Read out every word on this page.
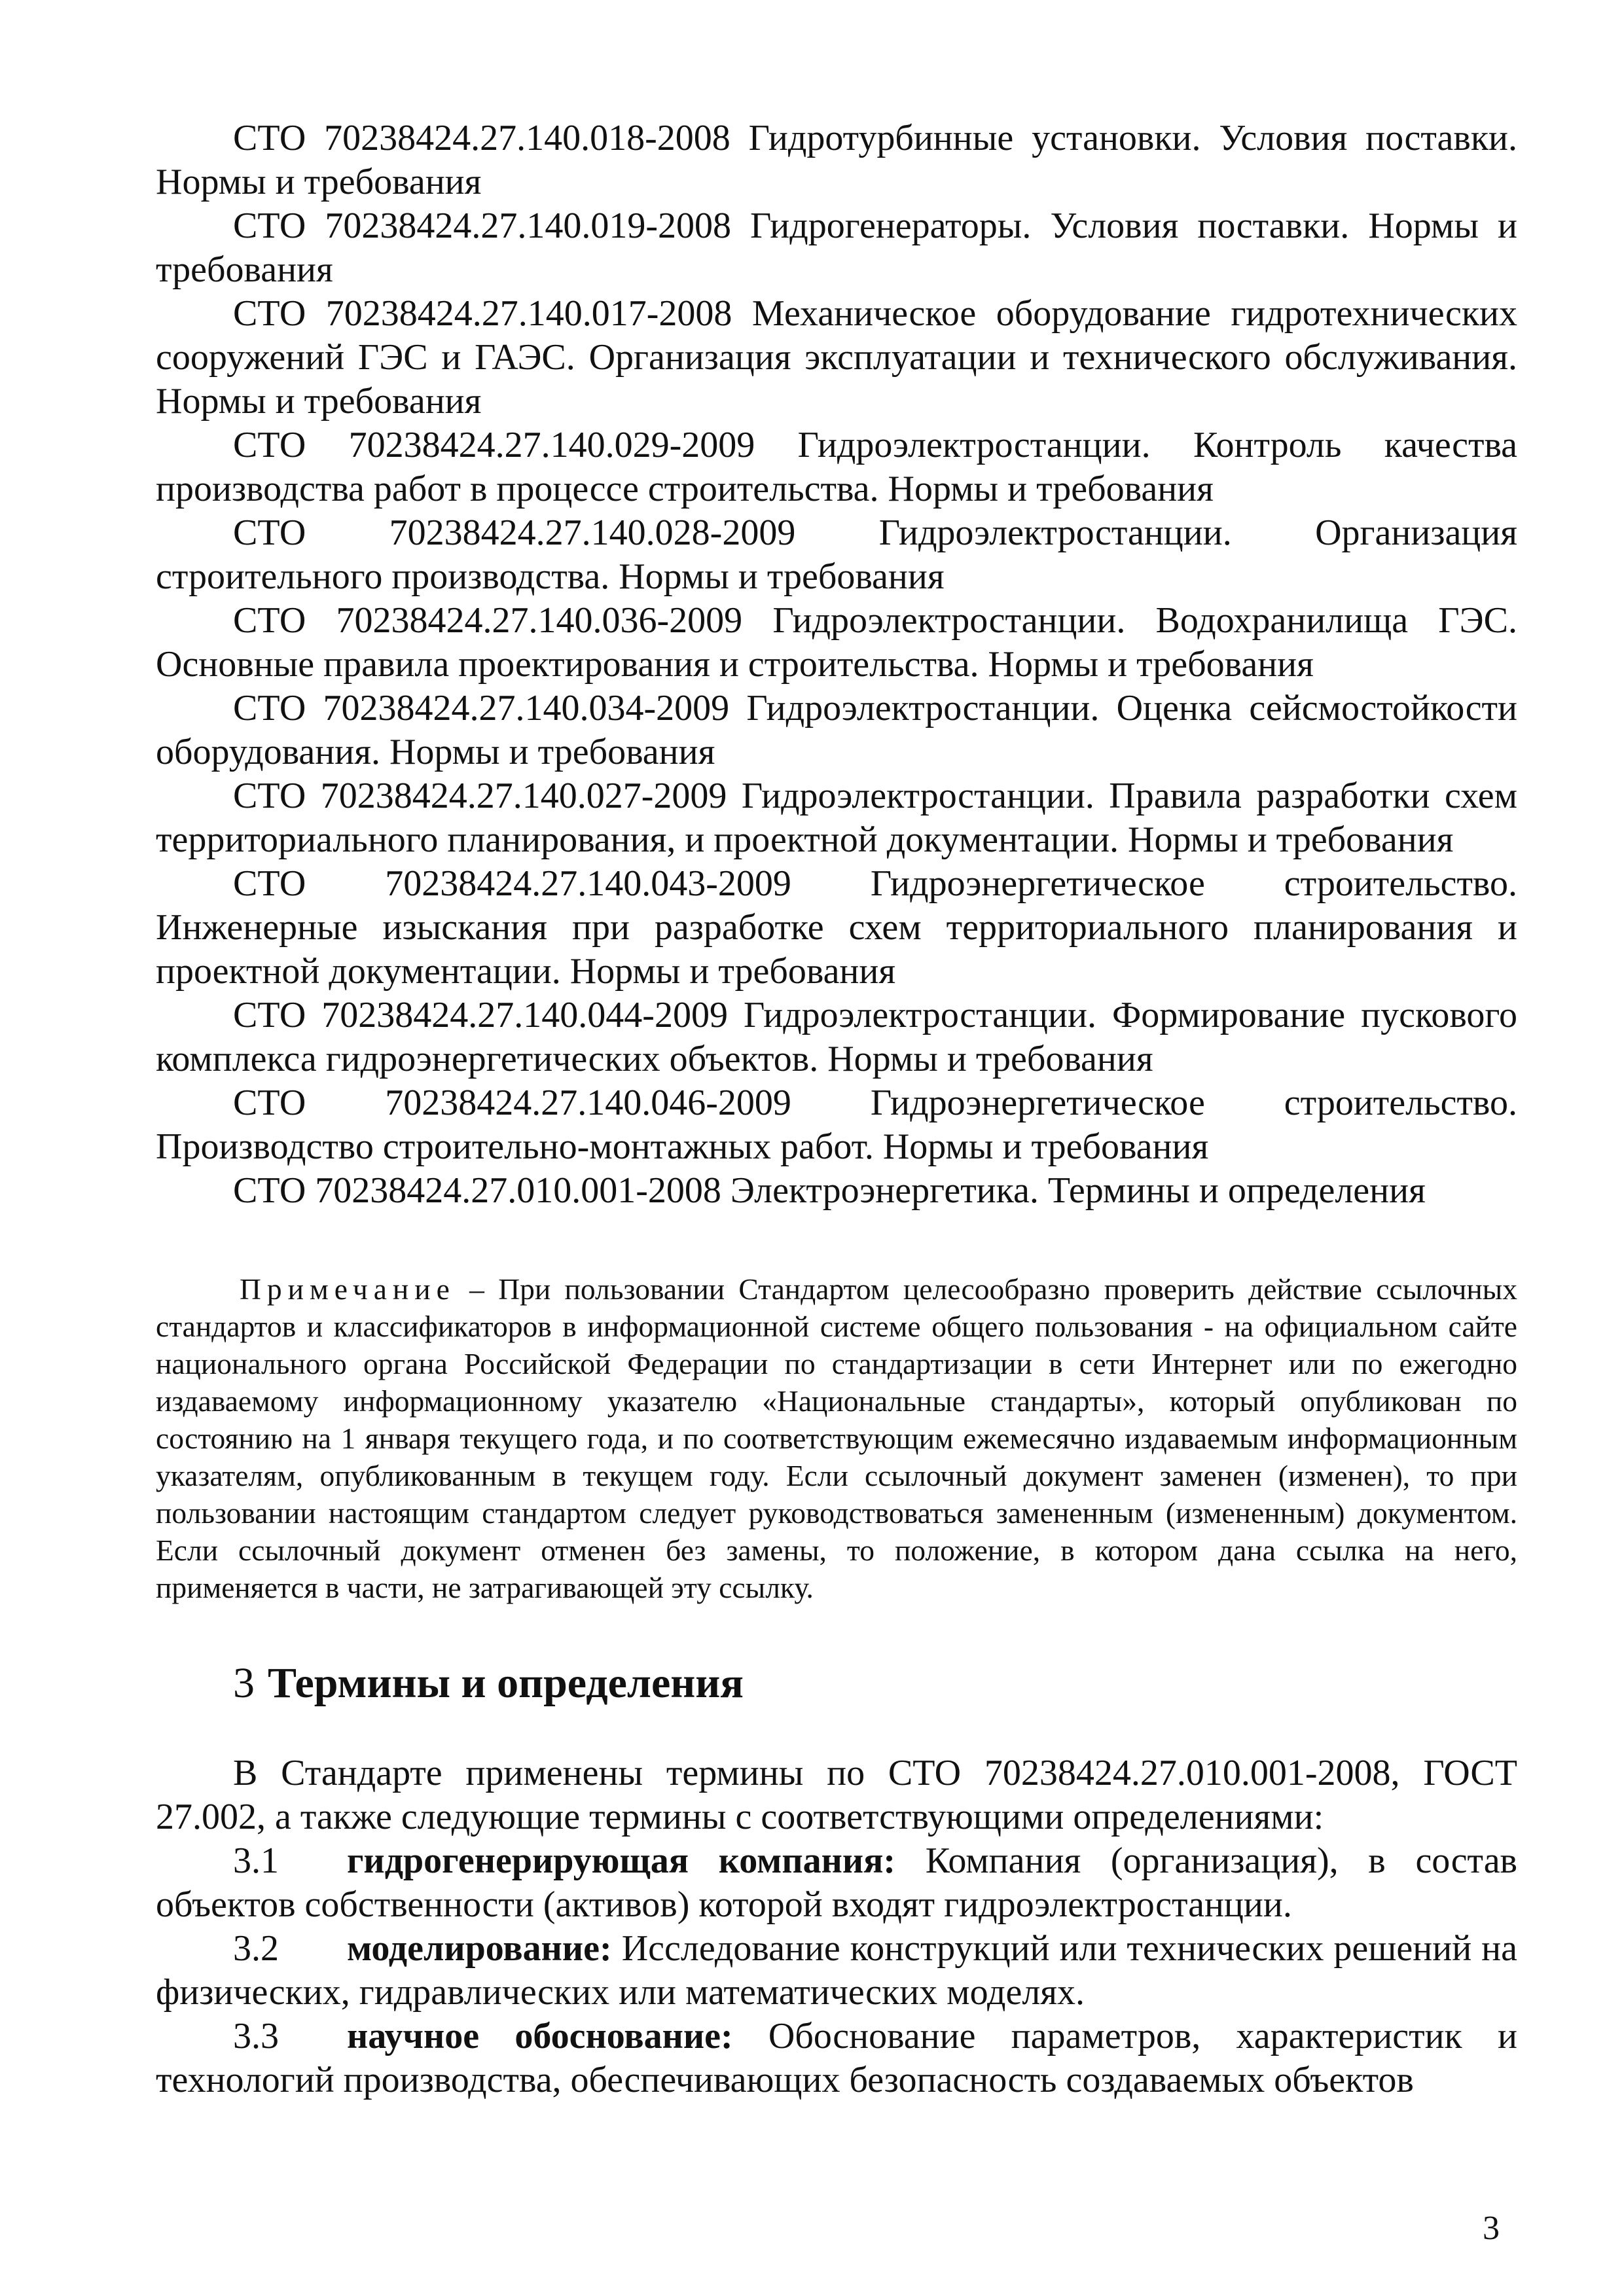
СТО 70238424.27.140.018-2008 Гидротурбинные установки. Условия поставки. Нормы и требования

СТО 70238424.27.140.019-2008 Гидрогенераторы. Условия поставки. Нормы и требования

СТО 70238424.27.140.017-2008 Механическое оборудование гидротехнических сооружений ГЭС и ГАЭС. Организация эксплуатации и технического обслуживания. Нормы и требования

СТО 70238424.27.140.029-2009 Гидроэлектростанции. Контроль качества производства работ в процессе строительства. Нормы и требования

СТО 70238424.27.140.028-2009 Гидроэлектростанции. Организация строительного производства. Нормы и требования

СТО 70238424.27.140.036-2009 Гидроэлектростанции. Водохранилища ГЭС. Основные правила проектирования и строительства. Нормы и требования

СТО 70238424.27.140.034-2009 Гидроэлектростанции. Оценка сейсмостойкости оборудования. Нормы и требования

СТО 70238424.27.140.027-2009 Гидроэлектростанции. Правила разработки схем территориального планирования, и проектной документации. Нормы и требования

СТО 70238424.27.140.043-2009 Гидроэнергетическое строительство. Инженерные изыскания при разработке схем территориального планирования и проектной документации. Нормы и требования

СТО 70238424.27.140.044-2009 Гидроэлектростанции. Формирование пускового комплекса гидроэнергетических объектов. Нормы и требования

СТО 70238424.27.140.046-2009 Гидроэнергетическое строительство. Производство строительно-монтажных работ. Нормы и требования

СТО 70238424.27.010.001-2008 Электроэнергетика. Термины и определения

Примечание – При пользовании Стандартом целесообразно проверить действие ссылочных стандартов и классификаторов в информационной системе общего пользования - на официальном сайте национального органа Российской Федерации по стандартизации в сети Интернет или по ежегодно издаваемому информационному указателю «Национальные стандарты», который опубликован по состоянию на 1 января текущего года, и по соответствующим ежемесячно издаваемым информационным указателям, опубликованным в текущем году. Если ссылочный документ заменен (изменен), то при пользовании настоящим стандартом следует руководствоваться замененным (измененным) документом. Если ссылочный документ отменен без замены, то положение, в котором дана ссылка на него, применяется в части, не затрагивающей эту ссылку.

3 Термины и определения

В Стандарте применены термины по СТО 70238424.27.010.001-2008, ГОСТ 27.002, а также следующие термины с соответствующими определениями:

3.1 гидрогенерирующая компания: Компания (организация), в состав объектов собственности (активов) которой входят гидроэлектростанции.

3.2 моделирование: Исследование конструкций или технических решений на физических, гидравлических или математических моделях.

3.3 научное обоснование: Обоснование параметров, характеристик и технологий производства, обеспечивающих безопасность создаваемых объектов

3
